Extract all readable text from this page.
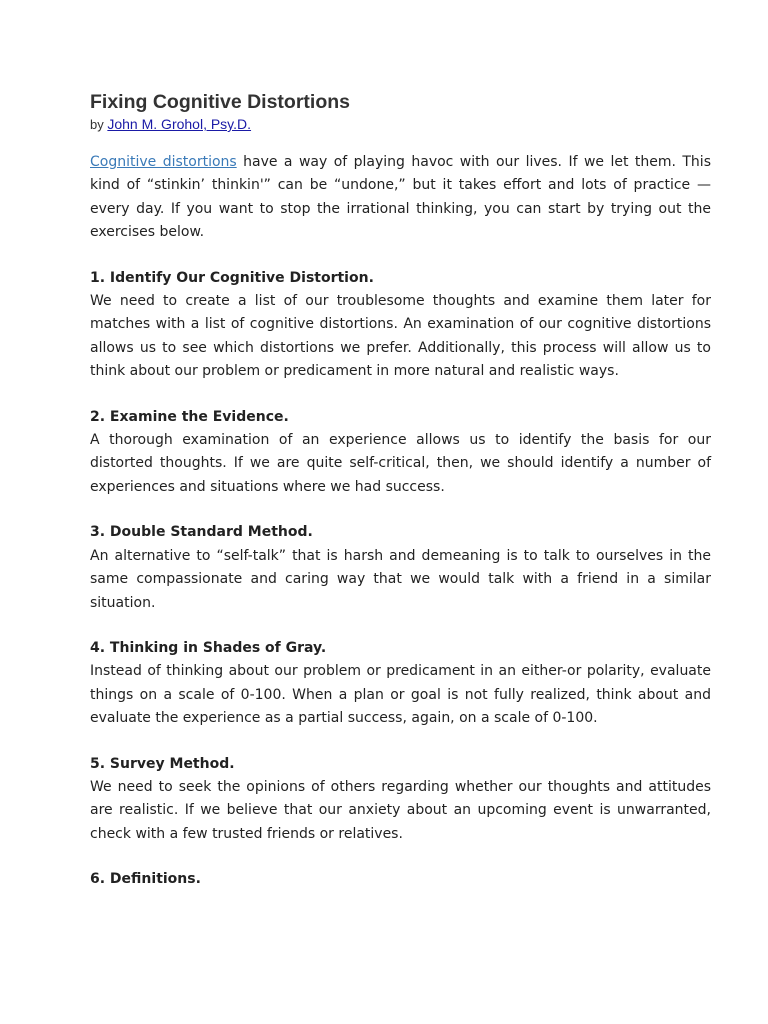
Fixing Cognitive Distortions
by John M. Grohol, Psy.D.

Cognitive distortions have a way of playing havoc with our lives. If we let them. This kind of “stinkin’ thinkin'” can be “undone,” but it takes effort and lots of practice — every day. If you want to stop the irrational thinking, you can start by trying out the exercises below.

1. Identify Our Cognitive Distortion.

We need to create a list of our troublesome thoughts and examine them later for matches with a list of cognitive distortions. An examination of our cognitive distortions allows us to see which distortions we prefer. Additionally, this process will allow us to think about our problem or predicament in more natural and realistic ways.

2. Examine the Evidence.

A thorough examination of an experience allows us to identify the basis for our distorted thoughts. If we are quite self-critical, then, we should identify a number of experiences and situations where we had success.

3. Double Standard Method.

An alternative to “self-talk” that is harsh and demeaning is to talk to ourselves in the same compassionate and caring way that we would talk with a friend in a similar situation.

4. Thinking in Shades of Gray.

Instead of thinking about our problem or predicament in an either-or polarity, evaluate things on a scale of 0-100. When a plan or goal is not fully realized, think about and evaluate the experience as a partial success, again, on a scale of 0-100.

5. Survey Method.

We need to seek the opinions of others regarding whether our thoughts and attitudes are realistic. If we believe that our anxiety about an upcoming event is unwarranted, check with a few trusted friends or relatives.

6. Definitions.
